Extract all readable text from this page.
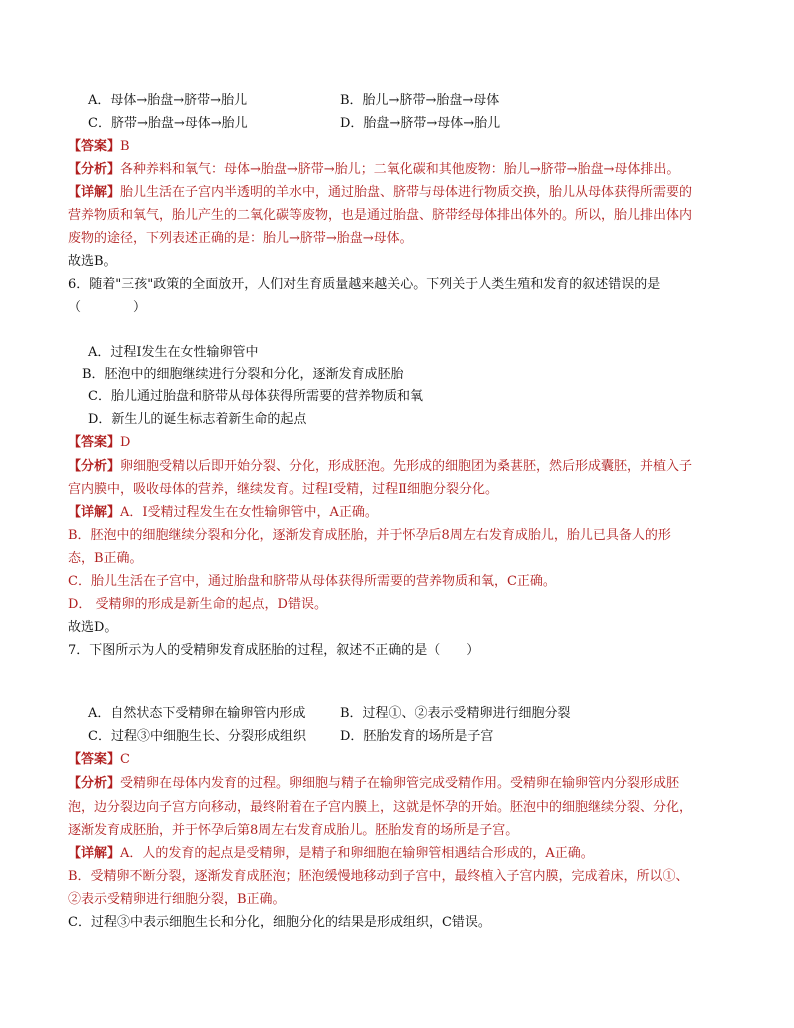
A．母体→胎盘→脐带→胎儿	B．胎儿→脐带→胎盘→母体
C．脐带→胎盘→母体→胎儿	D．胎盘→脐带→母体→胎儿
【答案】B
【分析】各种养料和氧气：母体→胎盘→脐带→胎儿；二氧化碳和其他废物：胎儿→脐带→胎盘→母体排出。
【详解】胎儿生活在子宫内半透明的羊水中，通过胎盘、脐带与母体进行物质交换，胎儿从母体获得所需要的
营养物质和氧气，胎儿产生的二氧化碳等废物，也是通过胎盘、脐带经母体排出体外的。所以，胎儿排出体内
废物的途径，下列表述正确的是：胎儿→脐带→胎盘→母体。
故选B。
6．随着"三孩"政策的全面放开，人们对生育质量越来越关心。下列关于人类生殖和发育的叙述错误的是
（　　　　）
A．过程Ⅰ发生在女性输卵管中
B．胚泡中的细胞继续进行分裂和分化，逐渐发育成胚胎
C．胎儿通过胎盘和脐带从母体获得所需要的营养物质和氧
D．新生儿的诞生标志着新生命的起点
【答案】D
【分析】卵细胞受精以后即开始分裂、分化，形成胚泡。先形成的细胞团为桑葚胚，然后形成囊胚，并植入子
宫内膜中，吸收母体的营养，继续发育。过程Ⅰ受精，过程Ⅱ细胞分裂分化。
【详解】A．Ⅰ受精过程发生在女性输卵管中，A正确。
B．胚泡中的细胞继续分裂和分化，逐渐发育成胚胎，并于怀孕后8周左右发育成胎儿，胎儿已具备人的形
态，B正确。
C．胎儿生活在子宫中，通过胎盘和脐带从母体获得所需要的营养物质和氧，C正确。
D． 受精卵的形成是新生命的起点，D错误。
故选D。
7．下图所示为人的受精卵发育成胚胎的过程，叙述不正确的是（　　）
A．自然状态下受精卵在输卵管内形成	B．过程①、②表示受精卵进行细胞分裂
C．过程③中细胞生长、分裂形成组织	D．胚胎发育的场所是子宫
【答案】C
【分析】受精卵在母体内发育的过程。卵细胞与精子在输卵管完成受精作用。受精卵在输卵管内分裂形成胚
泡，边分裂边向子宫方向移动，最终附着在子宫内膜上，这就是怀孕的开始。胚泡中的细胞继续分裂、分化，
逐渐发育成胚胎，并于怀孕后第8周左右发育成胎儿。胚胎发育的场所是子宫。
【详解】A．人的发育的起点是受精卵，是精子和卵细胞在输卵管相遇结合形成的，A正确。
B．受精卵不断分裂，逐渐发育成胚泡；胚泡缓慢地移动到子宫中，最终植入子宫内膜，完成着床，所以①、
②表示受精卵进行细胞分裂，B正确。
C．过程③中表示细胞生长和分化，细胞分化的结果是形成组织，C错误。
